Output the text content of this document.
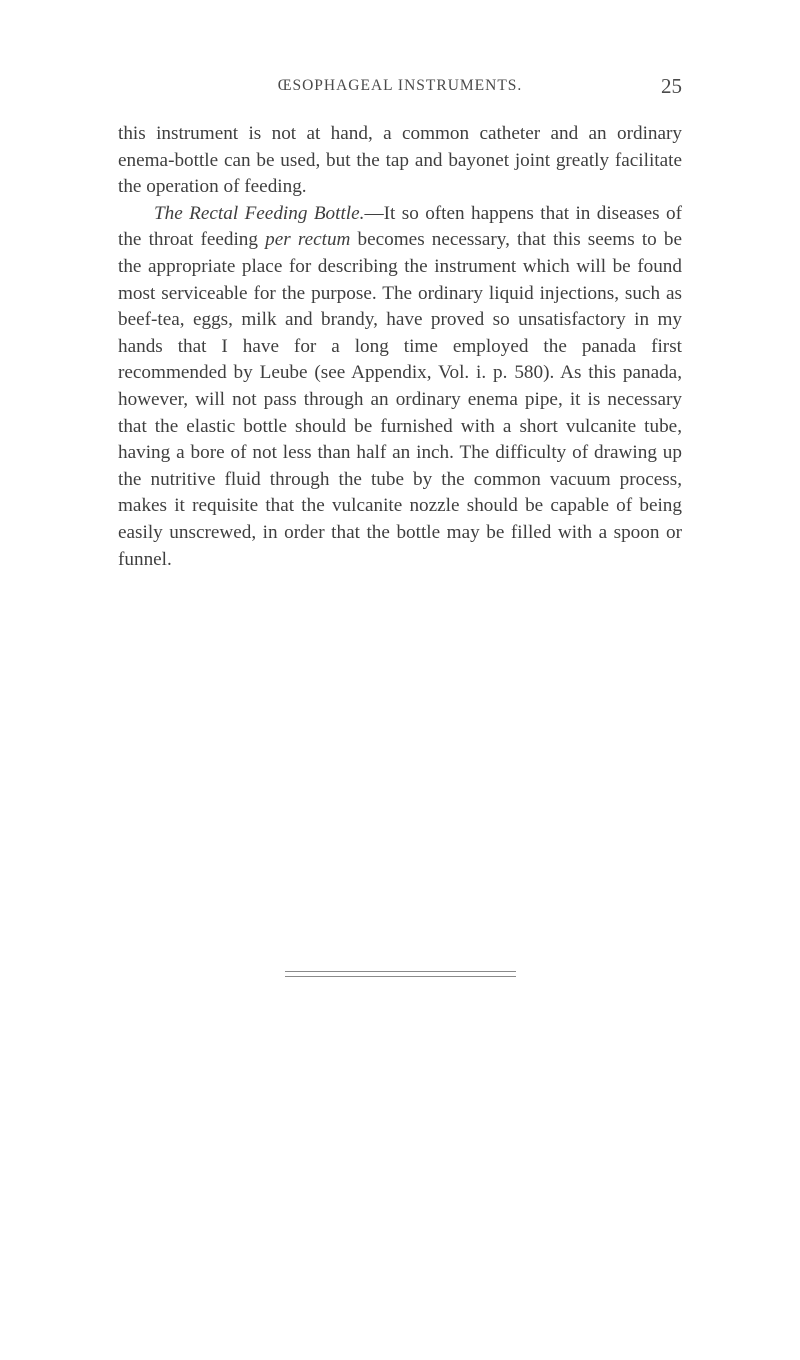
ŒSOPHAGEAL INSTRUMENTS.	25

this instrument is not at hand, a common catheter and an ordinary enema-bottle can be used, but the tap and bayonet joint greatly facilitate the operation of feeding.

The Rectal Feeding Bottle.—It so often happens that in diseases of the throat feeding per rectum becomes necessary, that this seems to be the appropriate place for describing the instrument which will be found most serviceable for the purpose. The ordinary liquid injections, such as beef-tea, eggs, milk and brandy, have proved so unsatisfactory in my hands that I have for a long time employed the panada first recommended by Leube (see Appendix, Vol. i. p. 580). As this panada, however, will not pass through an ordinary enema pipe, it is necessary that the elastic bottle should be furnished with a short vulcanite tube, having a bore of not less than half an inch. The difficulty of drawing up the nutritive fluid through the tube by the common vacuum process, makes it requisite that the vulcanite nozzle should be capable of being easily unscrewed, in order that the bottle may be filled with a spoon or funnel.
